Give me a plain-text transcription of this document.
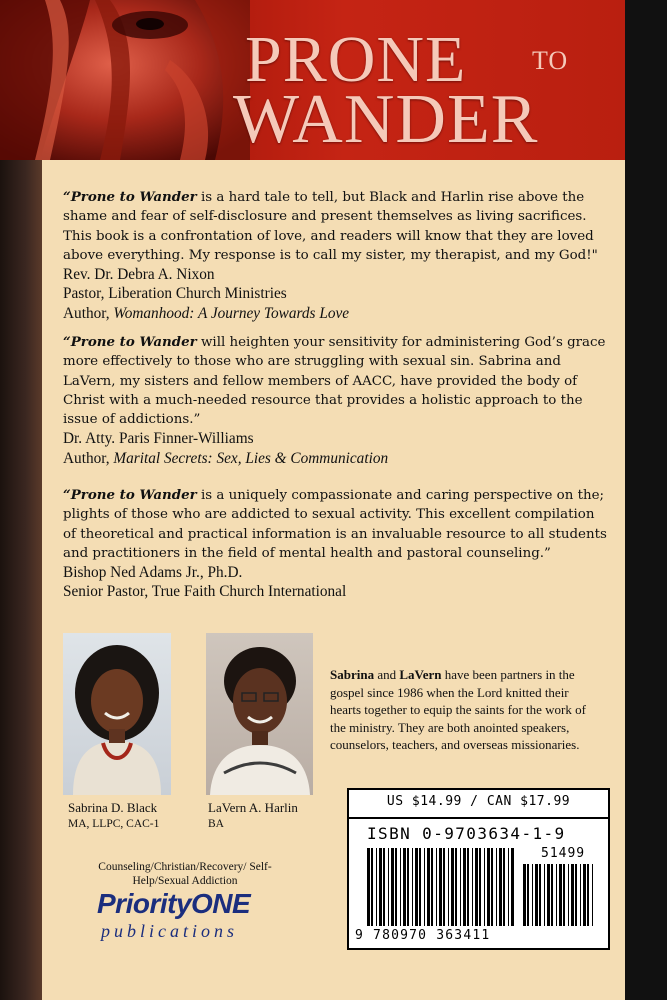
PRONE	TO
WANDER

“Prone to Wander is a hard tale to tell, but Black and Harlin rise above the shame and fear of self-disclosure and present themselves as living sacrifices. This book is a confrontation of love, and readers will know that they are loved above everything. My response is to call my sister, my therapist, and my God!"

Rev. Dr. Debra A. Nixon

Pastor, Liberation Church Ministries

Author, Womanhood: A Journey Towards Love

“Prone to Wander will heighten your sensitivity for administering God’s grace more effectively to those who are struggling with sexual sin. Sabrina and LaVern, my sisters and fellow members of AACC, have provided the body of Christ with a much-needed resource that provides a holistic approach to the issue of addictions.”

Dr. Atty. Paris Finner-Williams

Author, Marital Secrets: Sex, Lies & Communication

“Prone to Wander is a uniquely compassionate and caring perspective on the; plights of those who are addicted to sexual activity. This excellent compilation of theoretical and practical information is an invaluable resource to all students and practitioners in the field of mental health and pastoral counseling.”

Bishop Ned Adams Jr., Ph.D.

Senior Pastor, True Faith Church International

Sabrina D. Black
MA, LLPC, CAC-1
LaVern A. Harlin
BA
Sabrina and LaVern have been partners in the gospel since 1986 when the Lord knitted their hearts together to equip the saints for the work of the ministry. They are both anointed speakers, counselors, teachers, and overseas missionaries.
Counseling/Christian/Recovery/ Self-Help/Sexual Addiction
PriorityONE
publications
US $14.99 / CAN $17.99
ISBN 0-9703634-1-9
51499
9 780970 363411
